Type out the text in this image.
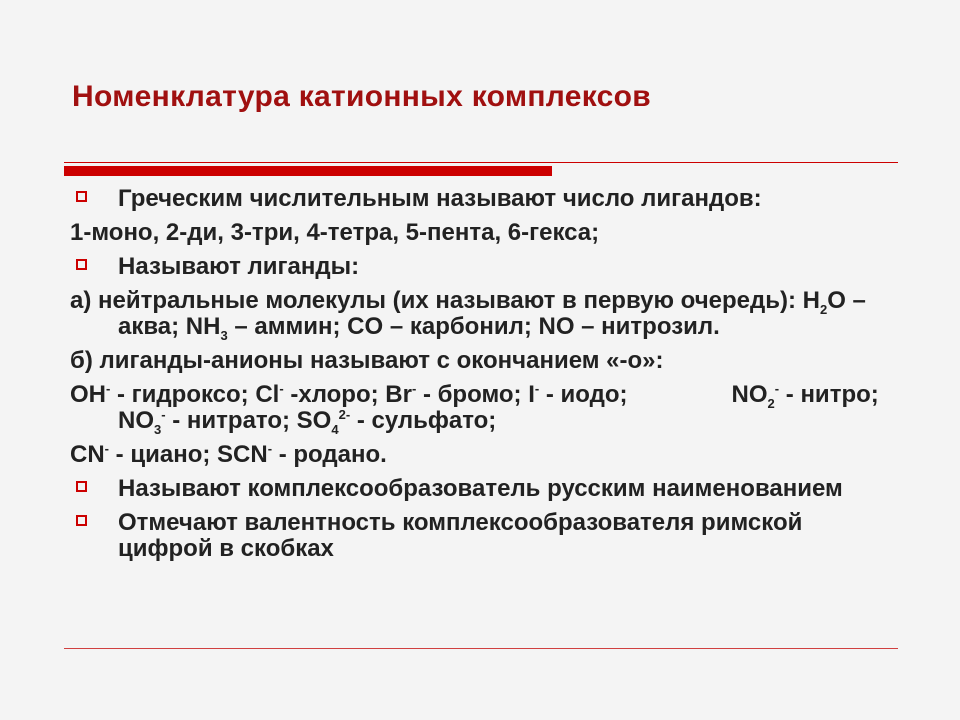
Номенклатура катионных комплексов
Греческим числительным называют число лигандов:
1-моно, 2-ди, 3-три, 4-тетра, 5-пента, 6-гекса;
Называют лиганды:
а) нейтральные молекулы (их называют в первую очередь): $H_2O$ –аква; $NH_3$ – аммин; CO – карбонил; NO – нитрозил.
б) лиганды-анионы называют с окончанием «-о»:
OH- - гидроксо; Cl- -хлоро; Br- - бромо; I- - иодо;	$NO_2^-$ - нитро; $NO_3^-$ - нитрато; $SO_4^{2-}$ - сульфато;
CN- - циано; SCN- - родано.
Называют комплексообразователь русским наименованием
Отмечают валентность комплексообразователя римской цифрой в скобках
